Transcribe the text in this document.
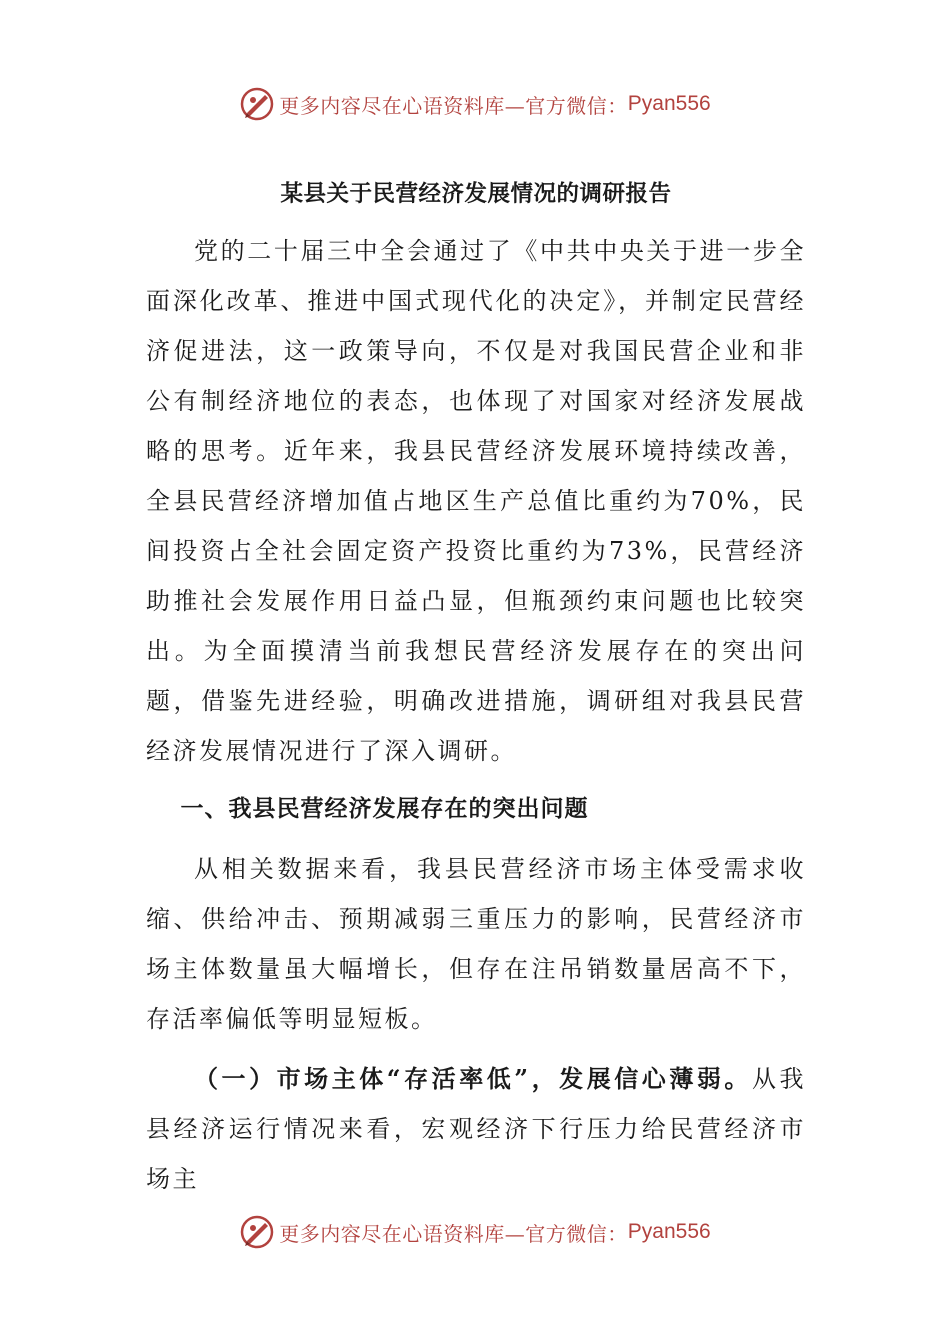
更多内容尽在心语资料库—官方微信： Pyan556

某县关于民营经济发展情况的调研报告

党的二十届三中全会通过了《中共中央关于进一步全面深化改革、推进中国式现代化的决定》，并制定民营经济促进法，这一政策导向，不仅是对我国民营企业和非公有制经济地位的表态，也体现了对国家对经济发展战略的思考。近年来，我县民营经济发展环境持续改善，全县民营经济增加值占地区生产总值比重约为70%，民间投资占全社会固定资产投资比重约为73%，民营经济助推社会发展作用日益凸显，但瓶颈约束问题也比较突出。为全面摸清当前我想民营经济发展存在的突出问题，借鉴先进经验，明确改进措施，调研组对我县民营经济发展情况进行了深入调研。

一、我县民营经济发展存在的突出问题

从相关数据来看，我县民营经济市场主体受需求收缩、供给冲击、预期减弱三重压力的影响，民营经济市场主体数量虽大幅增长，但存在注吊销数量居高不下，存活率偏低等明显短板。

（一）市场主体“存活率低”，发展信心薄弱。从我县经济运行情况来看，宏观经济下行压力给民营经济市场主

更多内容尽在心语资料库—官方微信： Pyan556
